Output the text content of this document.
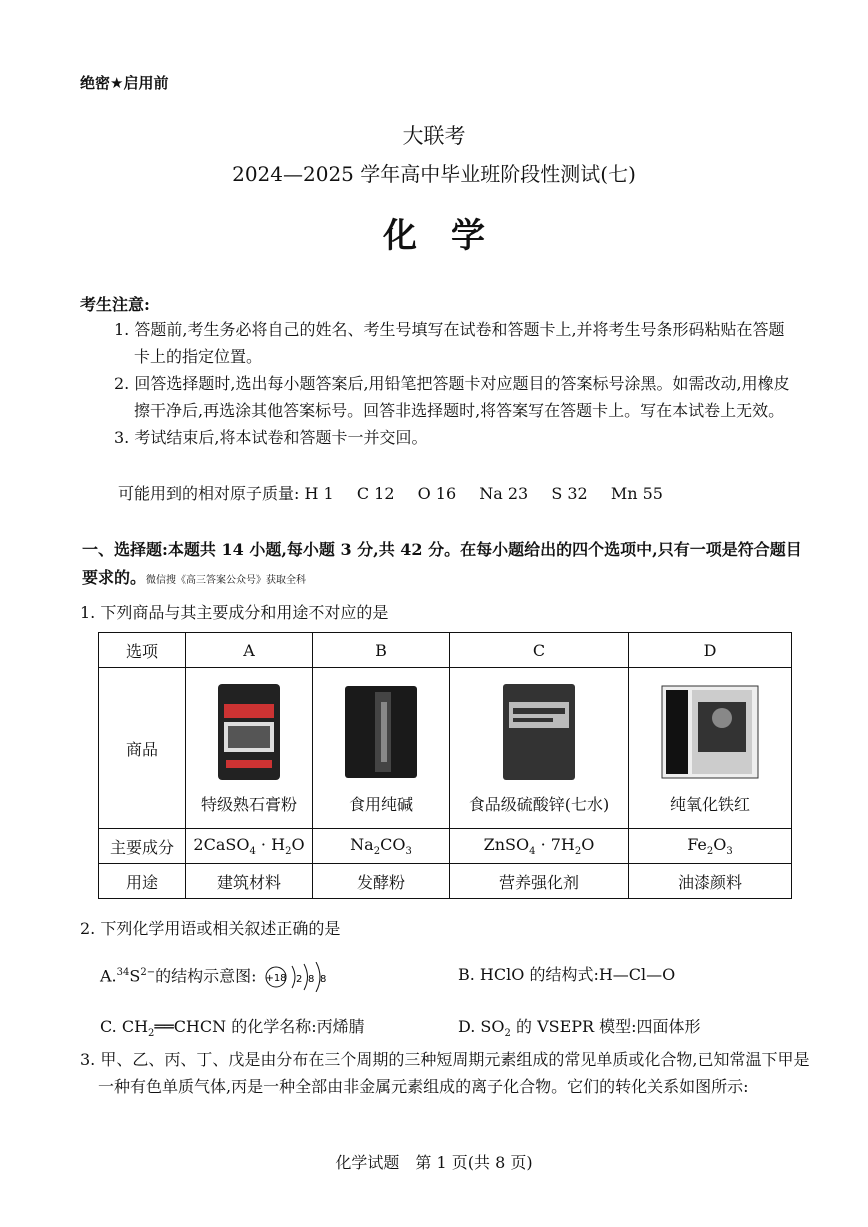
绝密★启用前
大联考
2024—2025 学年高中毕业班阶段性测试(七)
化学
考生注意:
1. 答题前,考生务必将自己的姓名、考生号填写在试卷和答题卡上,并将考生号条形码粘贴在答题卡上的指定位置。
2. 回答选择题时,选出每小题答案后,用铅笔把答题卡对应题目的答案标号涂黑。如需改动,用橡皮擦干净后,再选涂其他答案标号。回答非选择题时,将答案写在答题卡上。写在本试卷上无效。
3. 考试结束后,将本试卷和答题卡一并交回。
可能用到的相对原子质量: H 1 C 12 O 16 Na 23 S 32 Mn 55
一、选择题:本题共 14 小题,每小题 3 分,共 42 分。在每小题给出的四个选项中,只有一项是符合题目要求的。微信搜《高三答案公众号》获取全科
1. 下列商品与其主要成分和用途不对应的是
选项	A	B	C	D
商品	特级熟石膏粉	食用纯碱	食品级硫酸锌(七水)	纯氧化铁红

主要成分	2CaSO$_4$ · $H_2O$	$Na_2CO_3$	ZnSO$_4$ · $7H_2O$	$Fe_2O_3$
用途	建筑材料	发酵粉	营养强化剂	油漆颜料
2. 下列化学用语或相关叙述正确的是
$A.^{34}S^{2-}$的结构示意图: +18 2 8 8	B. HClO 的结构式:H—Cl—O
C. $CH_2══CHCN$ 的化学名称:丙烯腈	D. $SO_2$ 的 VSEPR 模型:四面体形
3. 甲、乙、丙、丁、戊是由分布在三个周期的三种短周期元素组成的常见单质或化合物,已知常温下甲是一种有色单质气体,丙是一种全部由非金属元素组成的离子化合物。它们的转化关系如图所示:
化学试题　第 1 页(共 8 页)
